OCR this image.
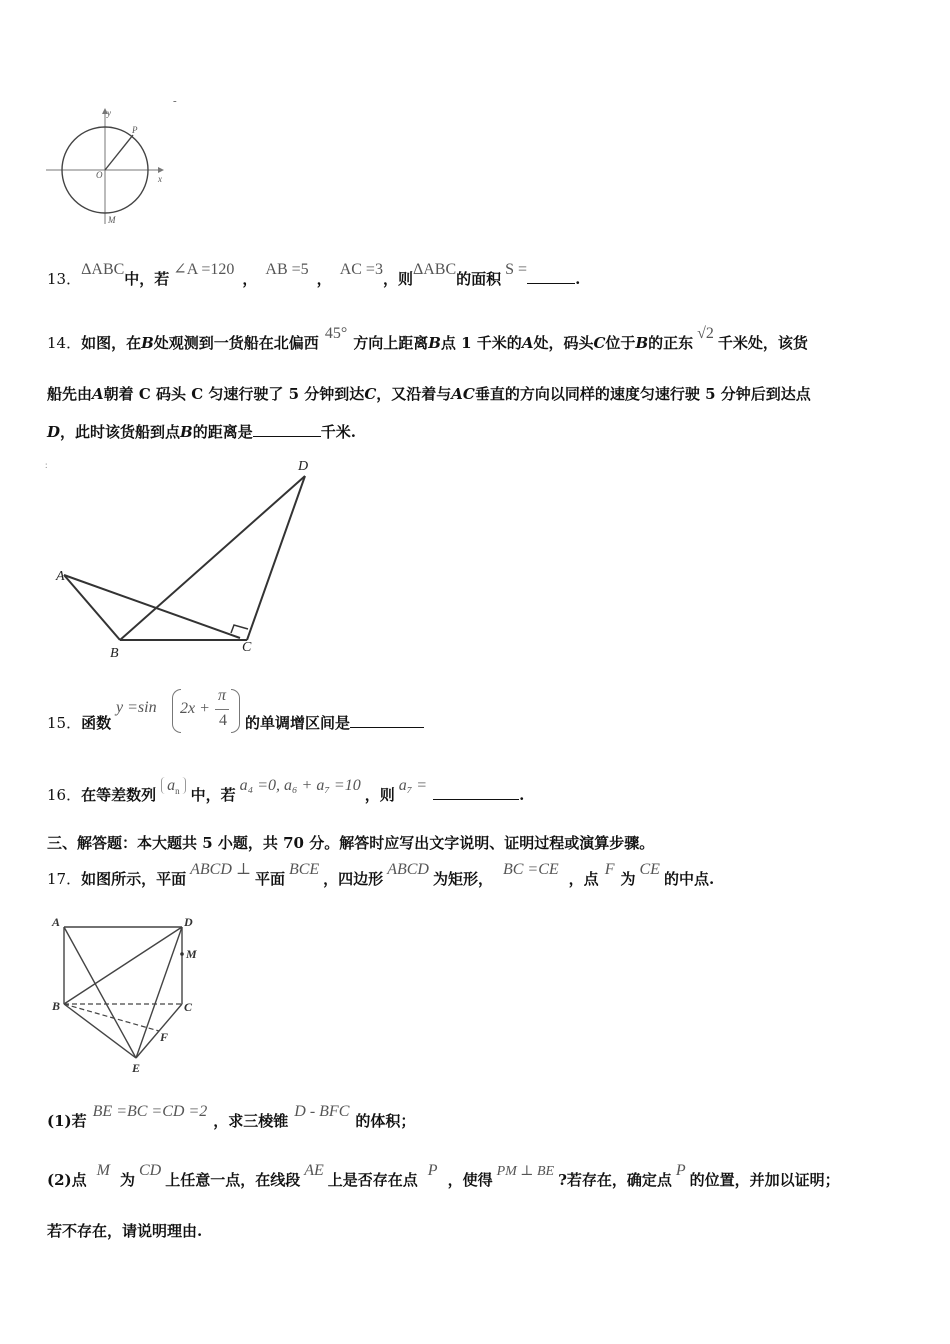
y
P
O	x
M
-
13．ΔABC中，若∠A =120，AB =5，AC =3，则ΔABC的面积S =.
14．如图，在B处观测到一货船在北偏西45°方向上距离B点 1 千米的A处，码头C位于B的正东√2千米处，该货
船先由A朝着 C 码头 C 匀速行驶了 5 分钟到达C，又沿着与AC垂直的方向以同样的速度匀速行驶 5 分钟后到达点
D，此时该货船到点B的距离是	千米.
A
B	C
D
:
15．函数
y =sin 2x +
π
4 的单调增区间是
16．在等差数列$a_n$ 中，若a₄ =0, a₆ + a₇ =10，则a₇ =.
三、解答题：本大题共 5 小题，共 70 分。解答时应写出文字说明、证明过程或演算步骤。
17．如图所示，平面ABCD ⊥平面BCE，四边形ABCD为矩形，BC =CE，点F为CE的中点.
A	D
M
B	C
F
E
(1)若BE =BC =CD =2，求三棱锥D - BFC的体积；
(2)点M为CD上任意一点，在线段AE上是否存在点P，使得 PM ⊥ BE ?若存在，确定点P的位置，并加以证明；
若不存在，请说明理由.
